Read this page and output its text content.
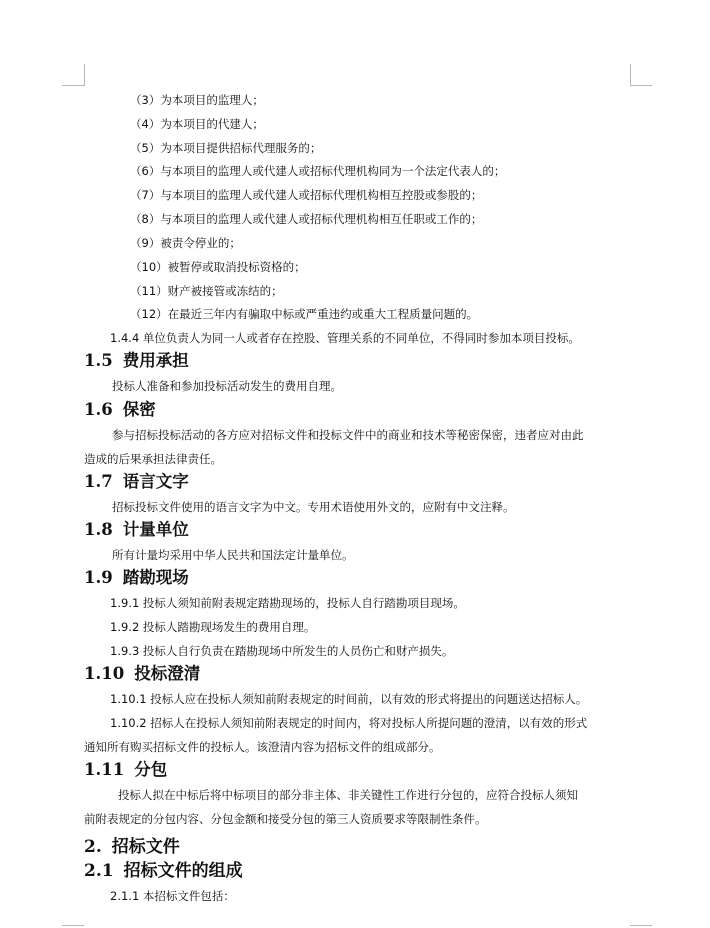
（3）为本项目的监理人；
（4）为本项目的代建人；
（5）为本项目提供招标代理服务的；
（6）与本项目的监理人或代建人或招标代理机构同为一个法定代表人的；
（7）与本项目的监理人或代建人或招标代理机构相互控股或参股的；
（8）与本项目的监理人或代建人或招标代理机构相互任职或工作的；
（9）被责令停业的；
（10）被暂停或取消投标资格的；
（11）财产被接管或冻结的；
（12）在最近三年内有骗取中标或严重违约或重大工程质量问题的。
1.4.4 单位负责人为同一人或者存在控股、管理关系的不同单位，不得同时参加本项目投标。
1.5 费用承担
投标人准备和参加投标活动发生的费用自理。
1.6 保密
参与招标投标活动的各方应对招标文件和投标文件中的商业和技术等秘密保密，违者应对由此
造成的后果承担法律责任。
1.7 语言文字
招标投标文件使用的语言文字为中文。专用术语使用外文的，应附有中文注释。
1.8 计量单位
所有计量均采用中华人民共和国法定计量单位。
1.9 踏勘现场
1.9.1 投标人须知前附表规定踏勘现场的，投标人自行踏勘项目现场。
1.9.2 投标人踏勘现场发生的费用自理。
1.9.3 投标人自行负责在踏勘现场中所发生的人员伤亡和财产损失。
1.10 投标澄清
1.10.1 投标人应在投标人须知前附表规定的时间前，以有效的形式将提出的问题送达招标人。
1.10.2 招标人在投标人须知前附表规定的时间内，将对投标人所提问题的澄清，以有效的形式
通知所有购买招标文件的投标人。该澄清内容为招标文件的组成部分。
1.11 分包
投标人拟在中标后将中标项目的部分非主体、非关键性工作进行分包的，应符合投标人须知
前附表规定的分包内容、分包金额和接受分包的第三人资质要求等限制性条件。
2. 招标文件
2.1 招标文件的组成
2.1.1 本招标文件包括：
